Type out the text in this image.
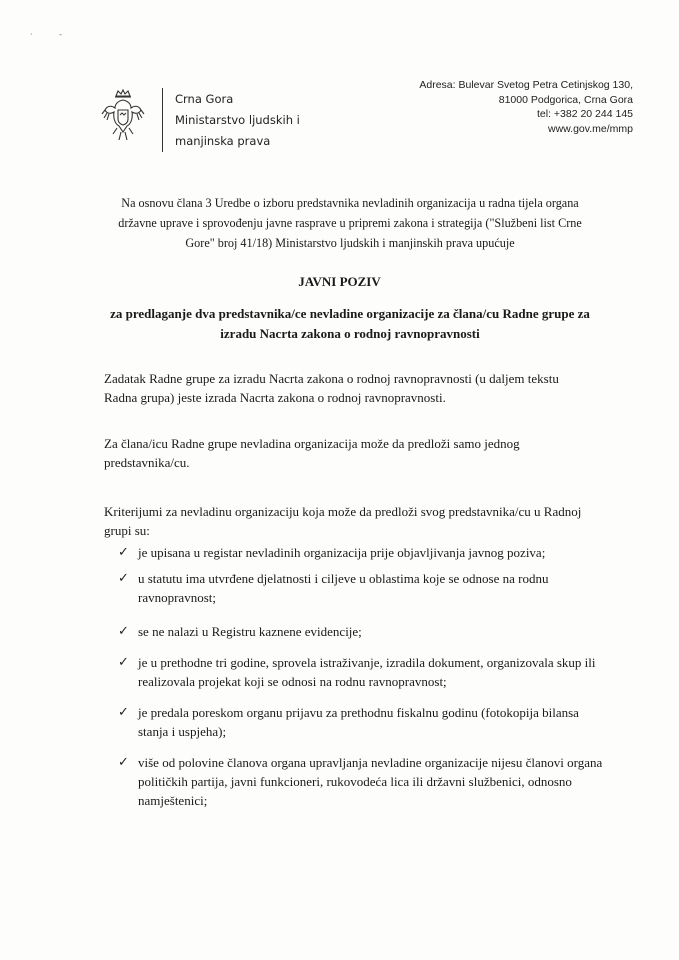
· -
Crna Gora
Ministarstvo ljudskih i
manjinska prava
Adresa: Bulevar Svetog Petra Cetinjskog 130,
81000 Podgorica, Crna Gora
tel: +382 20 244 145
www.gov.me/mmp
Na osnovu člana 3 Uredbe o izboru predstavnika nevladinih organizacija u radna tijela organa državne uprave i sprovođenju javne rasprave u pripremi zakona i strategija ("Službeni list Crne Gore" broj 41/18) Ministarstvo ljudskih i manjinskih prava upućuje
JAVNI POZIV
za predlaganje dva predstavnika/ce nevladine organizacije za člana/cu Radne grupe za izradu Nacrta zakona o rodnoj ravnopravnosti
Zadatak Radne grupe za izradu Nacrta zakona o rodnoj ravnopravnosti (u daljem tekstu Radna grupa) jeste izrada Nacrta zakona o rodnoj ravnopravnosti.
Za člana/icu Radne grupe nevladina organizacija može da predloži samo jednog predstavnika/cu.
Kriterijumi za nevladinu organizaciju koja može da predloži svog predstavnika/cu u Radnoj grupi su:
✓ je upisana u registar nevladinih organizacija prije objavljivanja javnog poziva;
✓ u statutu ima utvrđene djelatnosti i ciljeve u oblastima koje se odnose na rodnu ravnopravnost;
✓ se ne nalazi u Registru kaznene evidencije;
✓ je u prethodne tri godine, sprovela istraživanje, izradila dokument, organizovala skup ili realizovala projekat koji se odnosi na rodnu ravnopravnost;
✓ je predala poreskom organu prijavu za prethodnu fiskalnu godinu (fotokopija bilansa stanja i uspjeha);
✓ više od polovine članova organa upravljanja nevladine organizacije nijesu članovi organa političkih partija, javni funkcioneri, rukovodeća lica ili državni službenici, odnosno namještenici;
